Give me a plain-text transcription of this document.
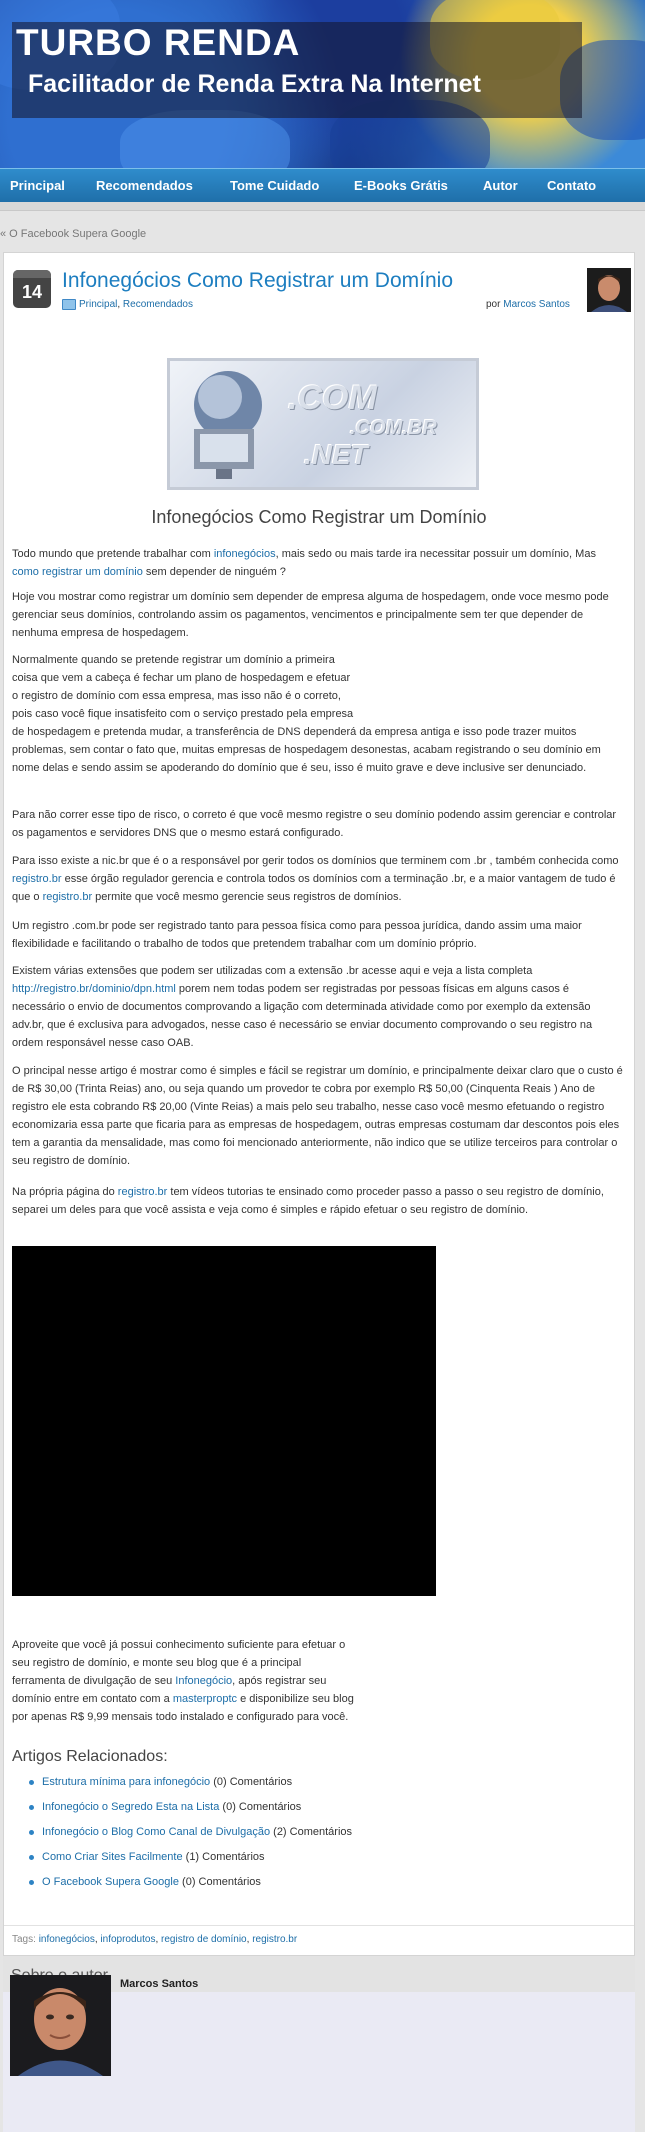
TURBO RENDA
Facilitador de Renda Extra Na Internet
Principal Recomendados	Tome Cuidado	E-Books Grátis	Autor Contato
« O Facebook Supera Google
14 Infonegócios Como Registrar um Domínio
Principal, Recomendados	por Marcos Santos
.COM
.COM.BR
.NET
Infonegócios Como Registrar um Domínio

Todo mundo que pretende trabalhar com infonegócios, mais sedo ou mais tarde ira necessitar possuir um domínio, Mas como registrar um domínio sem depender de ninguém ?

Hoje vou mostrar como registrar um domínio sem depender de empresa alguma de hospedagem, onde voce mesmo pode gerenciar seus domínios, controlando assim os pagamentos, vencimentos e principalmente sem ter que depender de nenhuma empresa de hospedagem.

Normalmente quando se pretende registrar um domínio a primeira
coisa que vem a cabeça é fechar um plano de hospedagem e efetuar
o registro de domínio com essa empresa, mas isso não é o correto,
pois caso você fique insatisfeito com o serviço prestado pela empresa
de hospedagem e pretenda mudar, a transferência de DNS dependerá da empresa antiga e isso pode trazer muitos problemas, sem contar o fato que, muitas empresas de hospedagem desonestas, acabam registrando o seu domínio em nome delas e sendo assim se apoderando do domínio que é seu, isso é muito grave e deve inclusive ser denunciado.

Para não correr esse tipo de risco, o correto é que você mesmo registre o seu domínio podendo assim gerenciar e controlar os pagamentos e servidores DNS que o mesmo estará configurado.

Para isso existe a nic.br que é o a responsável por gerir todos os domínios que terminem com .br , também conhecida como registro.br esse órgão regulador gerencia e controla todos os domínios com a terminação .br, e a maior vantagem de tudo é que o registro.br permite que você mesmo gerencie seus registros de domínios.

Um registro .com.br pode ser registrado tanto para pessoa física como para pessoa jurídica, dando assim uma maior flexibilidade e facilitando o trabalho de todos que pretendem trabalhar com um domínio próprio.

Existem várias extensões que podem ser utilizadas com a extensão .br acesse aqui e veja a lista completa http://registro.br/dominio/dpn.html porem nem todas podem ser registradas por pessoas físicas em alguns casos é necessário o envio de documentos comprovando a ligação com determinada atividade como por exemplo da extensão adv.br, que é exclusiva para advogados, nesse caso é necessário se enviar documento comprovando o seu registro na ordem responsável nesse caso OAB.

O principal nesse artigo é mostrar como é simples e fácil se registrar um domínio, e principalmente deixar claro que o custo é de R$ 30,00 (Trinta Reias) ano, ou seja quando um provedor te cobra por exemplo R$ 50,00 (Cinquenta Reais ) Ano de registro ele esta cobrando R$ 20,00 (Vinte Reias) a mais pelo seu trabalho, nesse caso você mesmo efetuando o registro economizaria essa parte que ficaria para as empresas de hospedagem, outras empresas costumam dar descontos pois eles tem a garantia da mensalidade, mas como foi mencionado anteriormente, não indico que se utilize terceiros para controlar o seu registro de domínio.

Na própria página do registro.br tem vídeos tutorias te ensinado como proceder passo a passo o seu registro de domínio, separei um deles para que você assista e veja como é simples e rápido efetuar o seu registro de domínio.

Aproveite que você já possui conhecimento suficiente para efetuar o
seu registro de domínio, e monte seu blog que é a principal
ferramenta de divulgação de seu Infonegócio, após registrar seu
domínio entre em contato com a masterproptc e disponibilize seu blog
por apenas R$ 9,99 mensais todo instalado e configurado para você.
Artigos Relacionados:
Estrutura mínima para infonegócio (0) Comentários
Infonegócio o Segredo Esta na Lista (0) Comentários
Infonegócio o Blog Como Canal de Divulgação (2) Comentários
Como Criar Sites Facilmente (1) Comentários
O Facebook Supera Google (0) Comentários
Tags: infonegócios, infoprodutos, registro de domínio, registro.br
Marcos Santos
